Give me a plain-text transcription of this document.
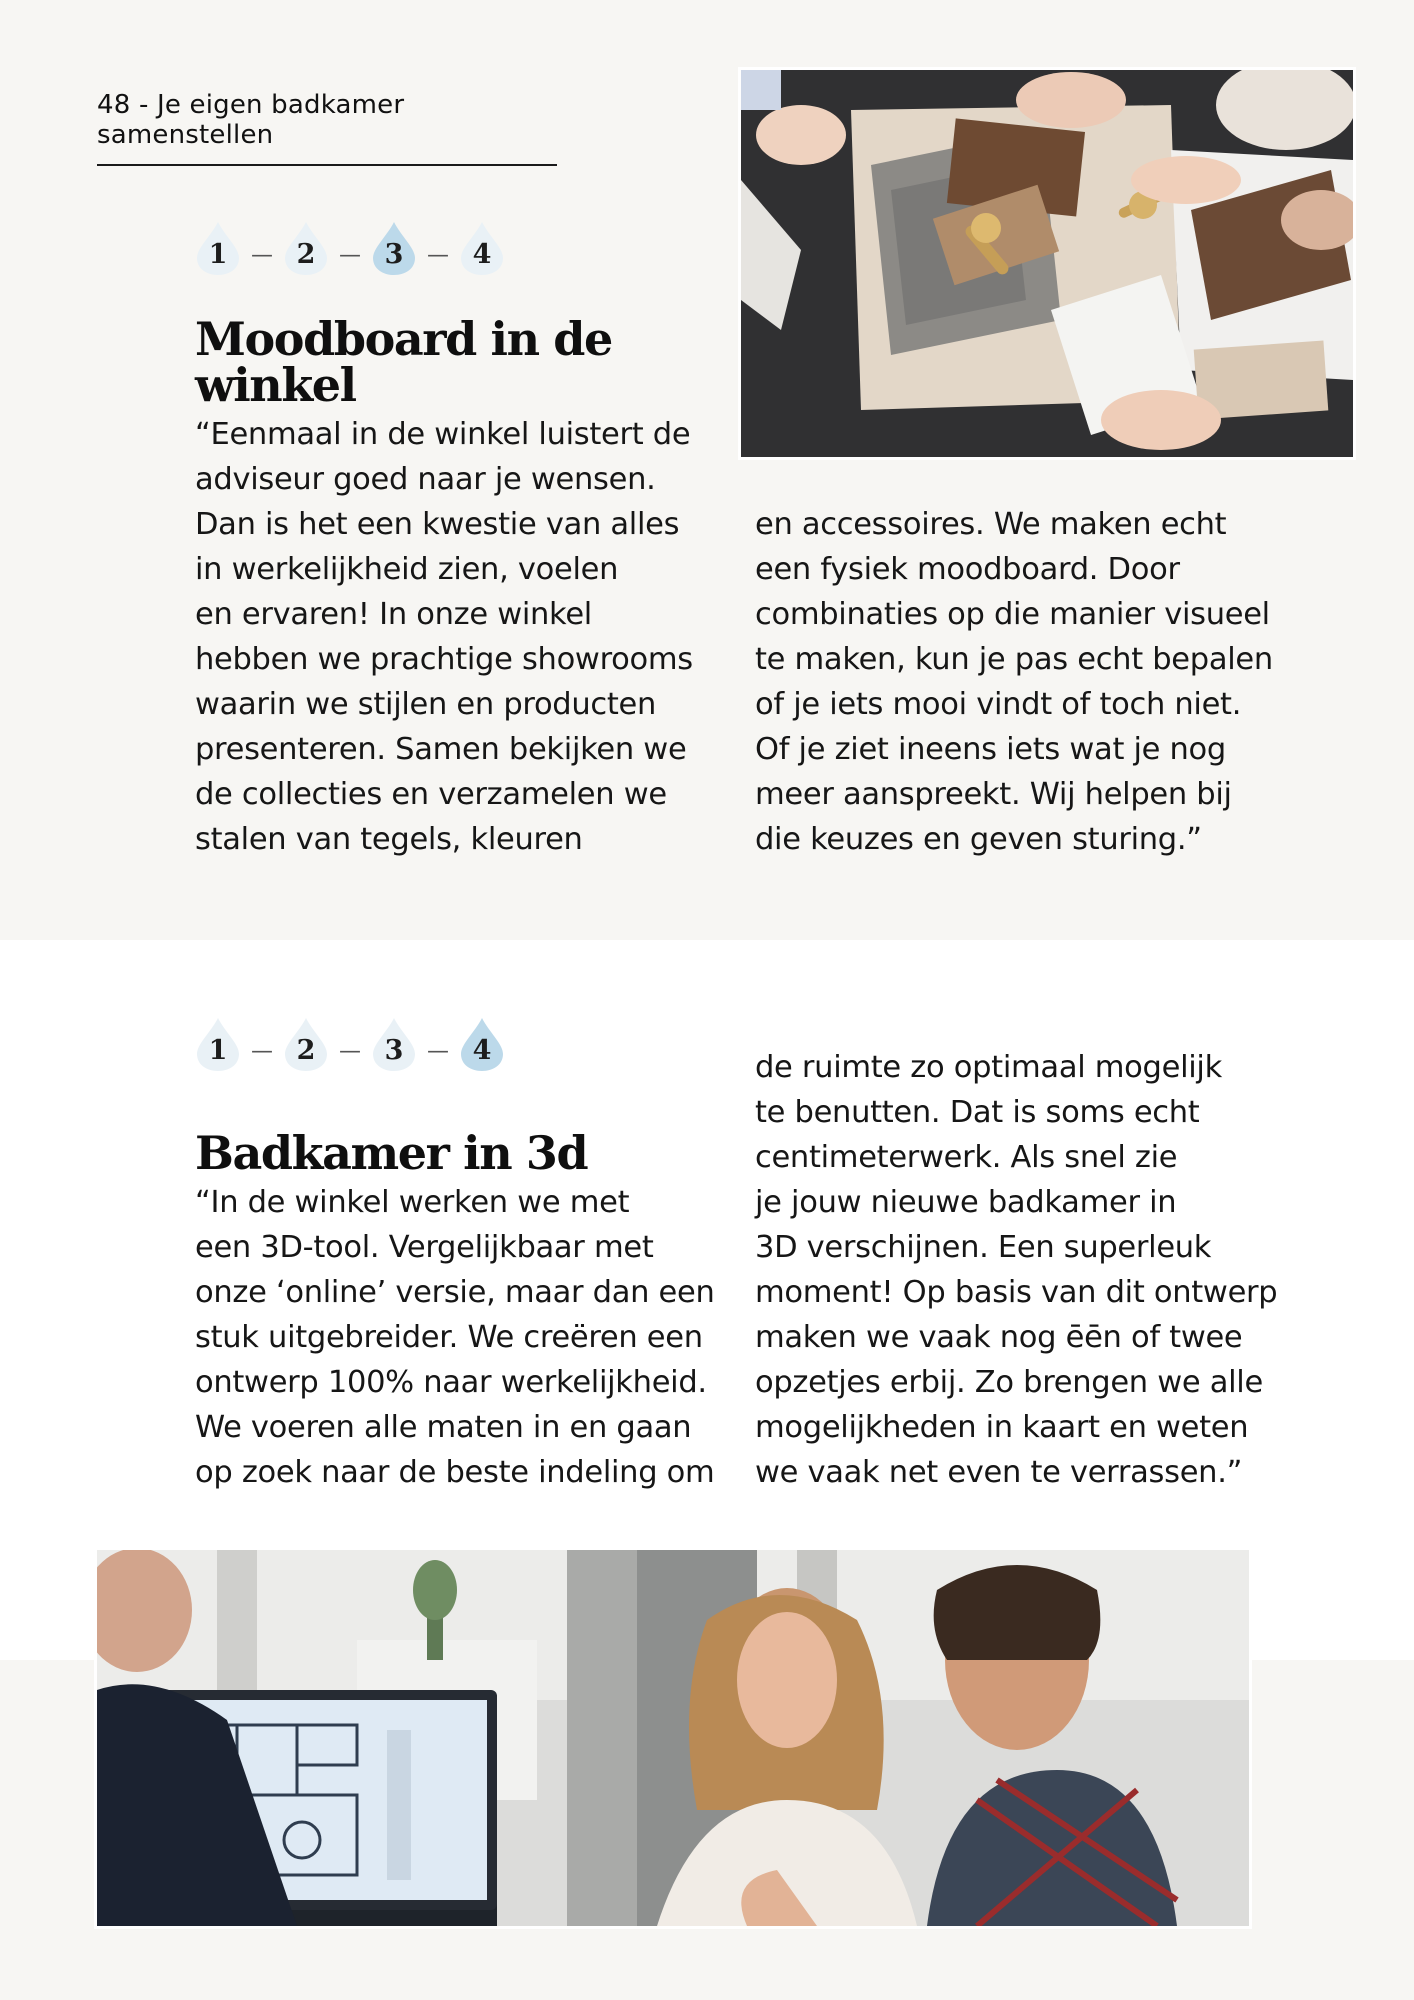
48 - Je eigen badkamer samenstellen
1	— 2	— 3	— 4
Moodboard in de
winkel
“Eenmaal in de winkel luistert de
adviseur goed naar je wensen.
Dan is het een kwestie van alles
in werkelijkheid zien, voelen
en ervaren! In onze winkel
hebben we prachtige showrooms
waarin we stijlen en producten
presenteren. Samen bekijken we
de collecties en verzamelen we
stalen van tegels, kleuren
en accessoires. We maken echt
een fysiek moodboard. Door
combinaties op die manier visueel
te maken, kun je pas echt bepalen
of je iets mooi vindt of toch niet.
Of je ziet ineens iets wat je nog
meer aanspreekt. Wij helpen bij
die keuzes en geven sturing.”
1	— 2	— 3	— 4
Badkamer in 3d
“In de winkel werken we met
een 3D-tool. Vergelijkbaar met
onze ‘online’ versie, maar dan een
stuk uitgebreider. We creëren een
ontwerp 100% naar werkelijkheid.
We voeren alle maten in en gaan
op zoek naar de beste indeling om
de ruimte zo optimaal mogelijk
te benutten. Dat is soms echt
centimeterwerk. Als snel zie
je jouw nieuwe badkamer in
3D verschijnen. Een superleuk
moment! Op basis van dit ontwerp
maken we vaak nog ēēn of twee
opzetjes erbij. Zo brengen we alle
mogelijkheden in kaart en weten
we vaak net even te verrassen.”
